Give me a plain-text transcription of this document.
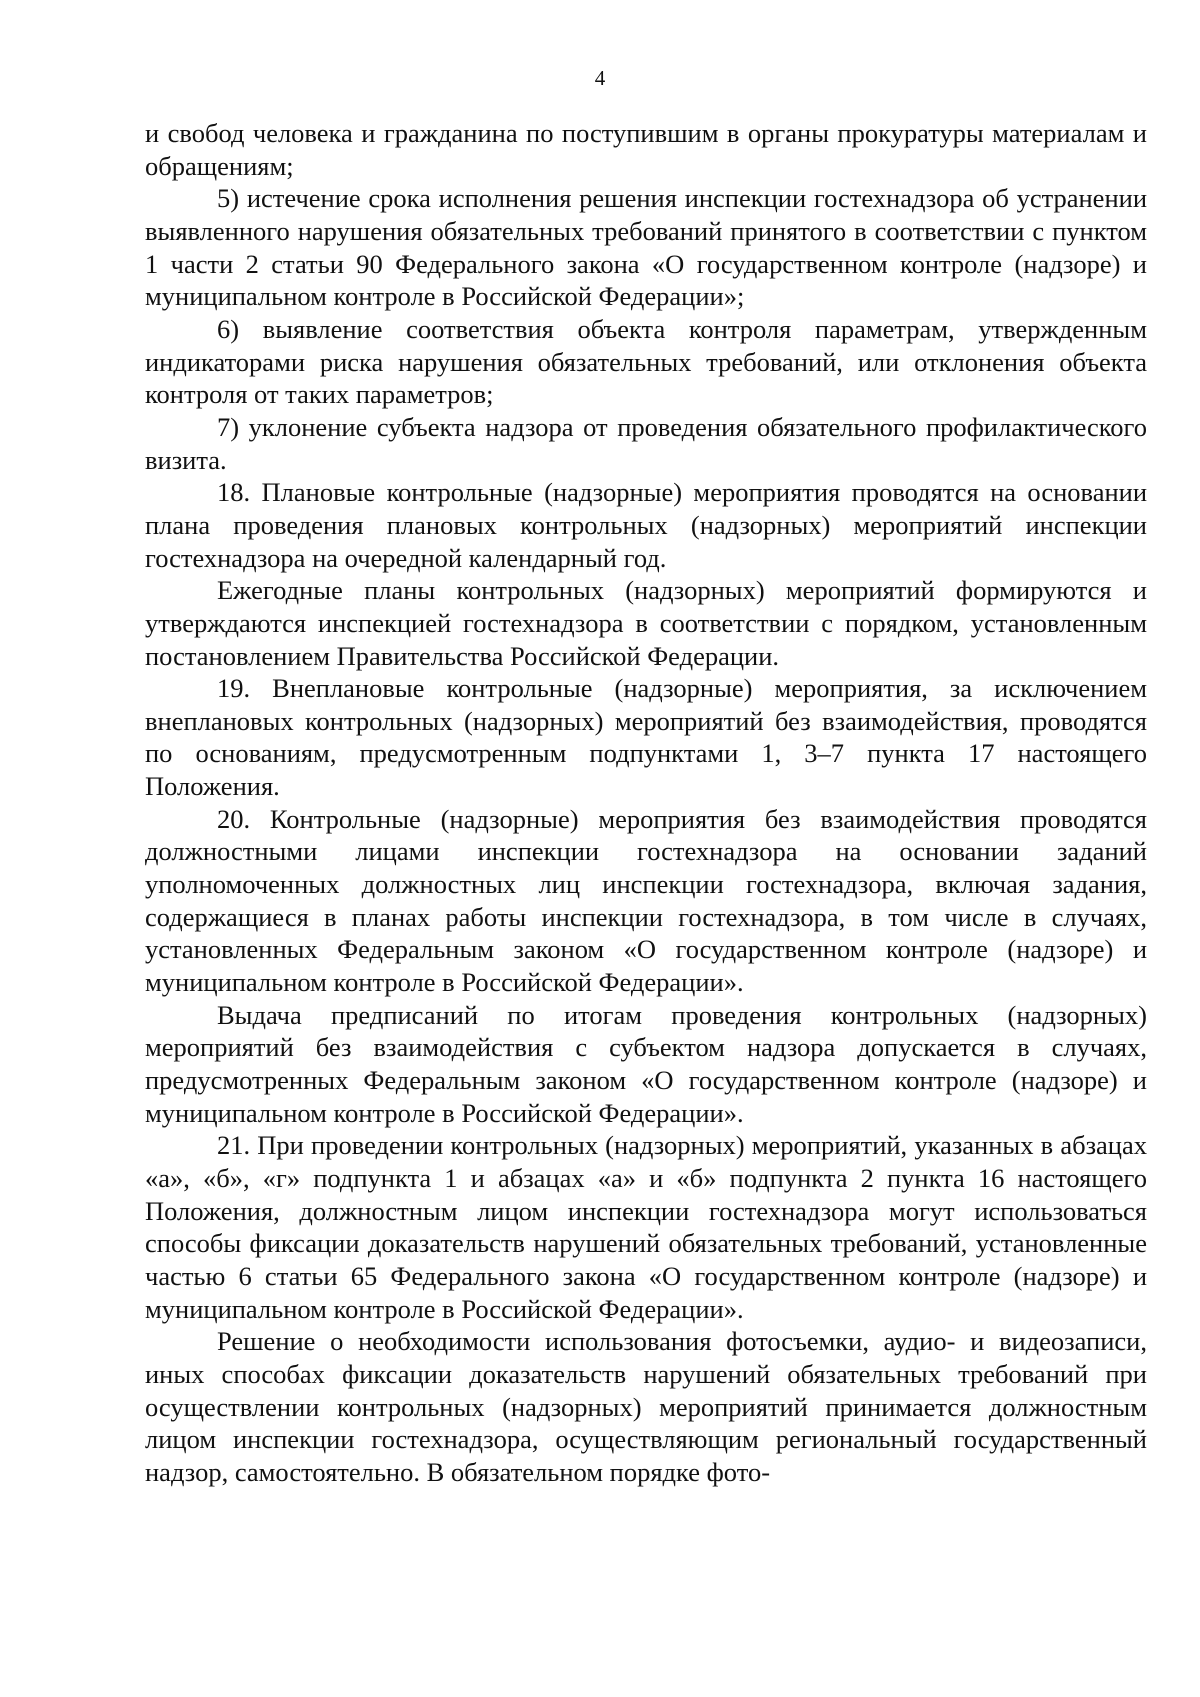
4

и свобод человека и гражданина по поступившим в органы прокуратуры материалам и обращениям;

5) истечение срока исполнения решения инспекции гостехнадзора об устранении выявленного нарушения обязательных требований принятого в соответствии с пунктом 1 части 2 статьи 90 Федерального закона «О государственном контроле (надзоре) и муниципальном контроле в Российской Федерации»;

6) выявление соответствия объекта контроля параметрам, утвержденным индикаторами риска нарушения обязательных требований, или отклонения объекта контроля от таких параметров;

7) уклонение субъекта надзора от проведения обязательного профилактического визита.

18. Плановые контрольные (надзорные) мероприятия проводятся на основании плана проведения плановых контрольных (надзорных) мероприятий инспекции гостехнадзора на очередной календарный год.

Ежегодные планы контрольных (надзорных) мероприятий формируются и утверждаются инспекцией гостехнадзора в соответствии с порядком, установленным постановлением Правительства Российской Федерации.

19. Внеплановые контрольные (надзорные) мероприятия, за исключением внеплановых контрольных (надзорных) мероприятий без взаимодействия, проводятся по основаниям, предусмотренным подпунктами 1, 3–7 пункта 17 настоящего Положения.

20. Контрольные (надзорные) мероприятия без взаимодействия проводятся должностными лицами инспекции гостехнадзора на основании заданий уполномоченных должностных лиц инспекции гостехнадзора, включая задания, содержащиеся в планах работы инспекции гостехнадзора, в том числе в случаях, установленных Федеральным законом «О государственном контроле (надзоре) и муниципальном контроле в Российской Федерации».

Выдача предписаний по итогам проведения контрольных (надзорных) мероприятий без взаимодействия с субъектом надзора допускается в случаях, предусмотренных Федеральным законом «О государственном контроле (надзоре) и муниципальном контроле в Российской Федерации».

21. При проведении контрольных (надзорных) мероприятий, указанных в абзацах «а», «б», «г» подпункта 1 и абзацах «а» и «б» подпункта 2 пункта 16 настоящего Положения, должностным лицом инспекции гостехнадзора могут использоваться способы фиксации доказательств нарушений обязательных требований, установленные частью 6 статьи 65 Федерального закона «О государственном контроле (надзоре) и муниципальном контроле в Российской Федерации».

Решение о необходимости использования фотосъемки, аудио- и видеозаписи, иных способах фиксации доказательств нарушений обязательных требований при осуществлении контрольных (надзорных) мероприятий принимается должностным лицом инспекции гостехнадзора, осуществляющим региональный государственный надзор, самостоятельно. В обязательном порядке фото-
